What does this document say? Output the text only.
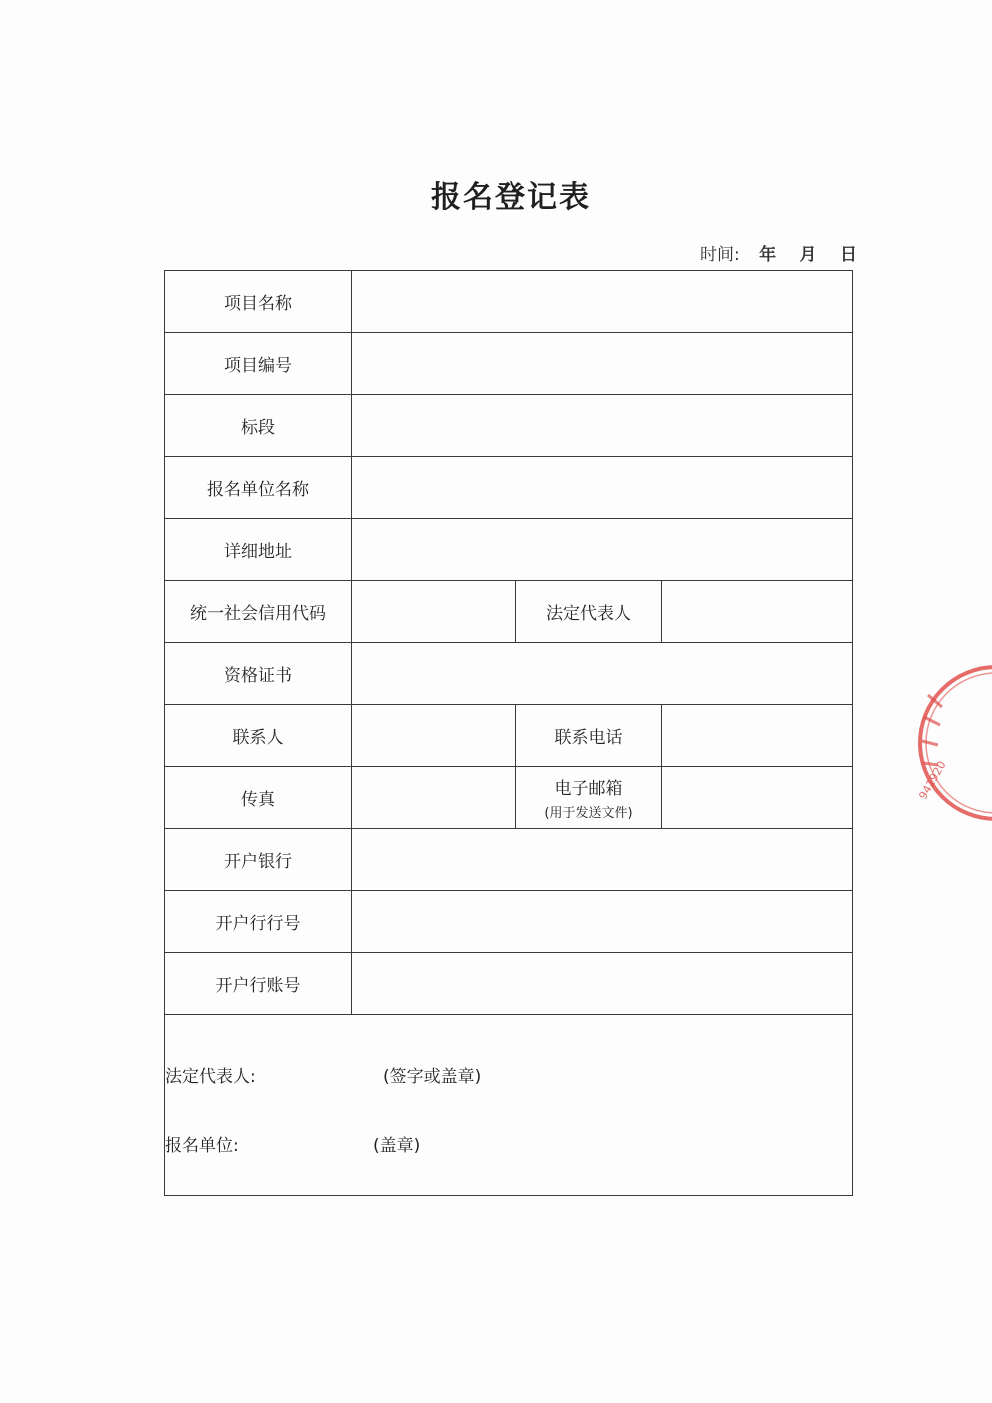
报名登记表
时间: 年 月 日
项目名称			
项目编号			
标段			
报名单位名称			
详细地址			
统一社会信用代码		法定代表人	
资格证书			
联系人		联系电话	
传真		电子邮箱
(用于发送文件)	

开户银行			
开户行行号			
开户行账号			

法定代表人: (签字或盖章)
报名单位: (盖章)			
941920
